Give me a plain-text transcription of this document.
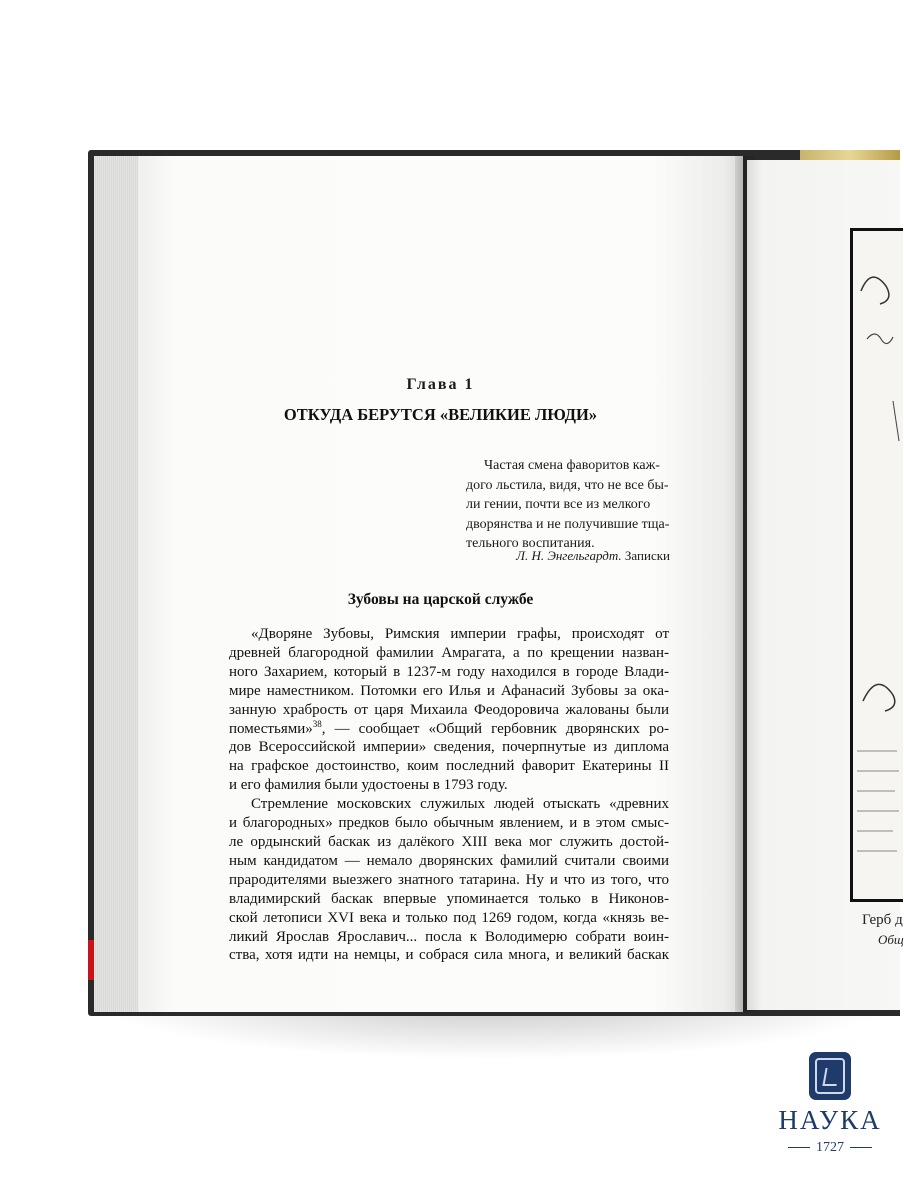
Герб д
Общ
Глава 1
ОТКУДА БЕРУТСЯ «ВЕЛИКИЕ ЛЮДИ»
Частая смена фаворитов каж-
дого льстила, видя, что не все бы-
ли гении, почти все из мелкого
дворянства и не получившие тща-
тельного воспитания.
Л. Н. Энгельгардт. Записки
Зубовы на царской службе
«Дворяне Зубовы, Римския империи графы, происходят от
древней благородной фамилии Амрагата, а по крещении назван-
ного Захарием, который в 1237-м году находился в городе Влади-
мире наместником. Потомки его Илья и Афанасий Зубовы за ока-
занную храбрость от царя Михаила Феодоровича жалованы были
поместьями»$^{38}$, — сообщает «Общий гербовник дворянских ро-
дов Всероссийской империи» сведения, почерпнутые из диплома
на графское достоинство, коим последний фаворит Екатерины II
и его фамилия были удостоены в 1793 году.
Стремление московских служилых людей отыскать «древних
и благородных» предков было обычным явлением, и в этом смыс-
ле ордынский баскак из далёкого XIII века мог служить достой-
ным кандидатом — немало дворянских фамилий считали своими
прародителями выезжего знатного татарина. Ну и что из того, что
владимирский баскак впервые упоминается только в Никонов-
ской летописи XVI века и только под 1269 годом, когда «князь ве-
ликий Ярослав Ярославич... посла к Володимерю собрати воин-
ства, хотя идти на немцы, и собрася сила многа, и великий баскак
НАУКА
1727
